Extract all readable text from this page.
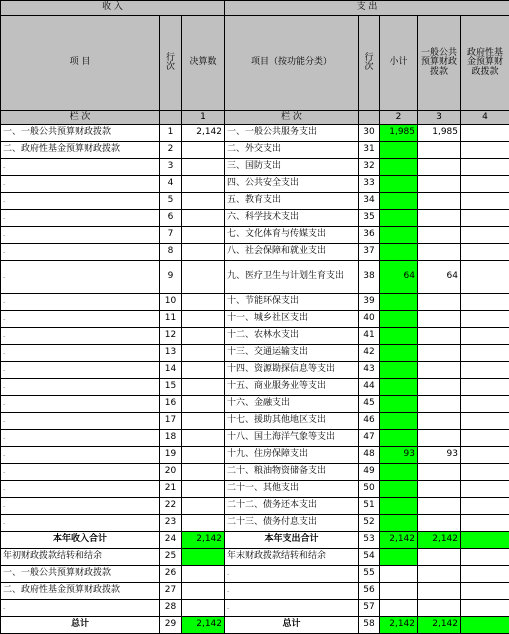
收 入			支 出				
项 目	行次	决算数	项目（按功能分类）	行次	小计	一般公共预算财政拨款	政府性基金预算财政拨款
栏 次		1	栏 次		2	3	4
一、一般公共预算财政拨款	1	2,142	一、一般公共服务支出	30	1,985	1,985	
二、政府性基金预算财政拨款	2		二、外交支出	31			
.	3		三、国防支出	32			
.	4		四、公共安全支出	33			
.	5		五、教育支出	34			
.	6		六、科学技术支出	35			
.	7		七、文化体育与传媒支出	36			
.	8		八、社会保障和就业支出	37			
.	9		九、医疗卫生与计划生育支出	38	64	64	
.	10		十、节能环保支出	39			
.	11		十一、城乡社区支出	40			
.	12		十二、农林水支出	41			
.	13		十三、交通运输支出	42			
.	14		十四、资源勘探信息等支出	43			
.	15		十五、商业服务业等支出	44			
.	16		十六、金融支出	45			
.	17		十七、援助其他地区支出	46			
.	18		十八、国土海洋气象等支出	47			
.	19		十九、住房保障支出	48	93	93	
.	20		二十、粮油物资储备支出	49			
.	21		二十一、其他支出	50			
.	22		二十二、债务还本支出	51			
.	23		二十三、债务付息支出	52			
本年收入合计	24	2,142	本年支出合计	53	2,142	2,142	
年初财政拨款结转和结余	25		年末财政拨款结转和结余	54			
一、一般公共预算财政拨款	26		.	55			
二、政府性基金预算财政拨款	27		.	56			
.	28		.	57			
总计	29	2,142	总计	58	2,142	2,142	
